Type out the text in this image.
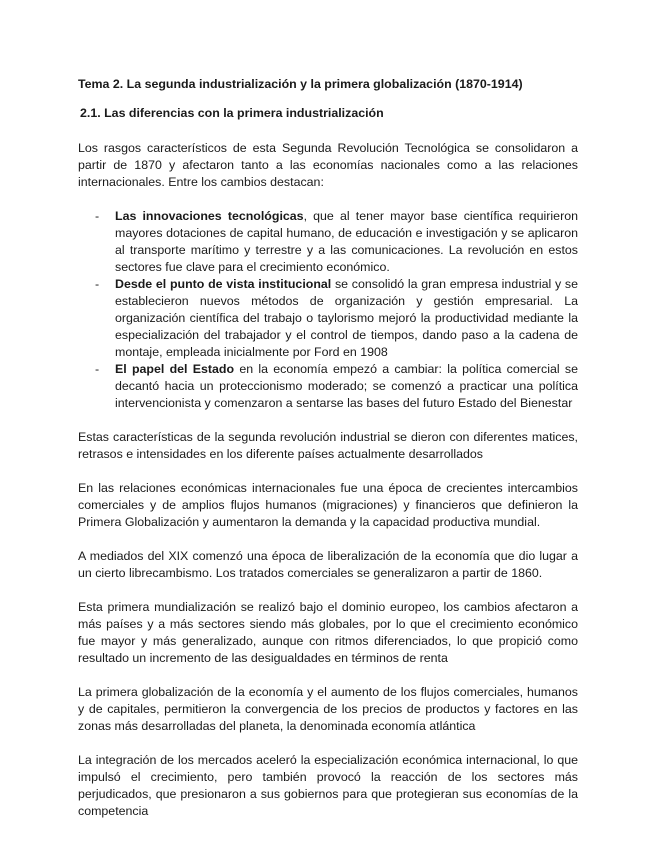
Tema 2. La segunda industrialización y la primera globalización (1870-1914)
2.1. Las diferencias con la primera industrialización

Los rasgos característicos de esta Segunda Revolución Tecnológica se consolidaron a partir de 1870 y afectaron tanto a las economías nacionales como a las relaciones internacionales. Entre los cambios destacan:

- Las innovaciones tecnológicas, que al tener mayor base científica requirieron mayores dotaciones de capital humano, de educación e investigación y se aplicaron al transporte marítimo y terrestre y a las comunicaciones. La revolución en estos sectores fue clave para el crecimiento económico.
- Desde el punto de vista institucional se consolidó la gran empresa industrial y se establecieron nuevos métodos de organización y gestión empresarial. La organización científica del trabajo o taylorismo mejoró la productividad mediante la especialización del trabajador y el control de tiempos, dando paso a la cadena de montaje, empleada inicialmente por Ford en 1908
- El papel del Estado en la economía empezó a cambiar: la política comercial se decantó hacia un proteccionismo moderado; se comenzó a practicar una política intervencionista y comenzaron a sentarse las bases del futuro Estado del Bienestar

Estas características de la segunda revolución industrial se dieron con diferentes matices, retrasos e intensidades en los diferente países actualmente desarrollados

En las relaciones económicas internacionales fue una época de crecientes intercambios comerciales y de amplios flujos humanos (migraciones) y financieros que definieron la Primera Globalización y aumentaron la demanda y la capacidad productiva mundial.

A mediados del XIX comenzó una época de liberalización de la economía que dio lugar a un cierto librecambismo. Los tratados comerciales se generalizaron a partir de 1860.

Esta primera mundialización se realizó bajo el dominio europeo, los cambios afectaron a más países y a más sectores siendo más globales, por lo que el crecimiento económico fue mayor y más generalizado, aunque con ritmos diferenciados, lo que propició como resultado un incremento de las desigualdades en términos de renta

La primera globalización de la economía y el aumento de los flujos comerciales, humanos y de capitales, permitieron la convergencia de los precios de productos y factores en las zonas más desarrolladas del planeta, la denominada economía atlántica

La integración de los mercados aceleró la especialización económica internacional, lo que impulsó el crecimiento, pero también provocó la reacción de los sectores más perjudicados, que presionaron a sus gobiernos para que protegieran sus economías de la competencia
